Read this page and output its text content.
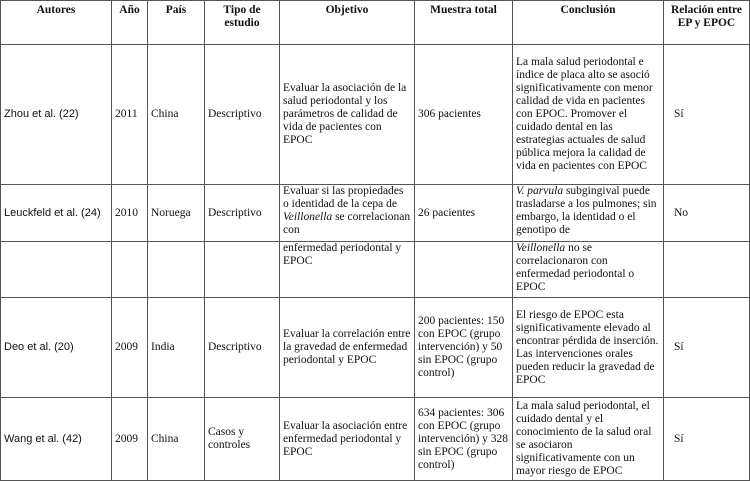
Autores	Año	País	Tipo de estudio	Objetivo	Muestra total	Conclusión	Relación entre EP y EPOC
Zhou et al. (22)	2011	China	Descriptivo	Evaluar la asociación de la salud periodontal y los parámetros de calidad de vida de pacientes con EPOC	306 pacientes	La mala salud periodontal e índice de placa alto se asoció significativamente con menor calidad de vida en pacientes con EPOC. Promover el cuidado dental en las estrategias actuales de salud pública mejora la calidad de vida en pacientes con EPOC	Sí
Leuckfeld et al. (24)	2010	Noruega	Descriptivo	Evaluar si las propiedades o identidad de la cepa de Veillonella se correlacionan con	26 pacientes	V. parvula subgingival puede trasladarse a los pulmones; sin embargo, la identidad o el genotipo de	No
				enfermedad periodontal y EPOC		Veillonella no se correlacionaron con enfermedad periodontal o EPOC	
Deo et al. (20)	2009	India	Descriptivo	Evaluar la correlación entre la gravedad de enfermedad periodontal y EPOC	200 pacientes: 150 con EPOC (grupo intervención) y 50 sin EPOC (grupo control)	El riesgo de EPOC esta significativamente elevado al encontrar pérdida de inserción. Las intervenciones orales pueden reducir la gravedad de EPOC	Sí
Wang et al. (42)	2009	China	Casos y controles	Evaluar la asociación entre enfermedad periodontal y EPOC	634 pacientes: 306 con EPOC (grupo intervención) y 328 sin EPOC (grupo control)	La mala salud periodontal, el cuidado dental y el conocimiento de la salud oral se asociaron significativamente con un mayor riesgo de EPOC	Sí
